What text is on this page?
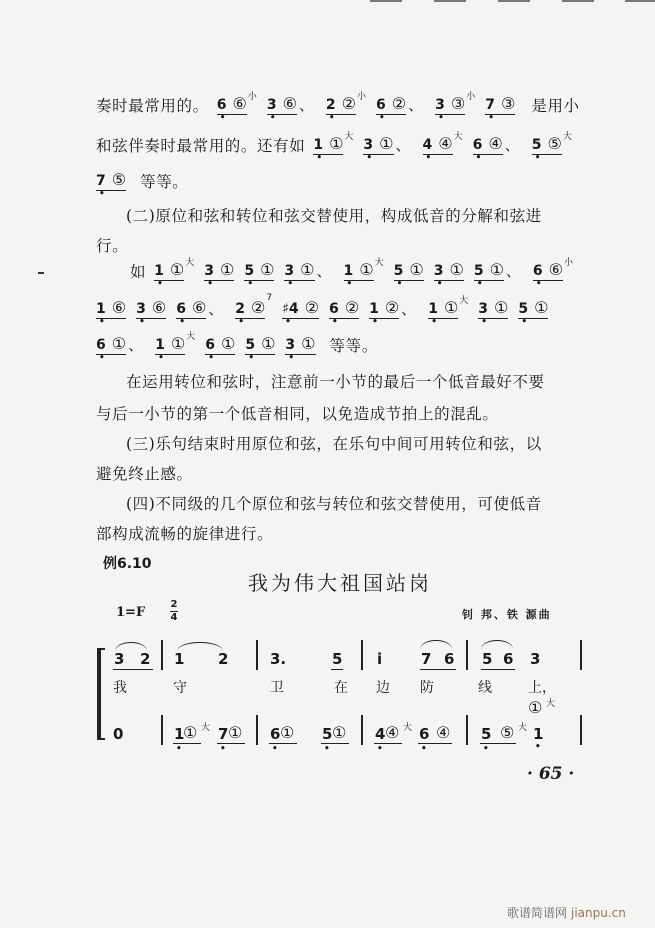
奏时最常用的。 6 ⑥
•
小 3 ⑥
•
、 2 ②
•
小 6 ②
•
、 3 ③
•
小 7 ③
•
是用小
和弦伴奏时最常用的。还有如 1 ①
•
大 3 ①
•
、 4 ④
•
大 6 ④
•
、 5 ⑤
•
大
7 ⑤
•
等等。
(二)原位和弦和转位和弦交替使用，构成低音的分解和弦进
行。
如 1 ①
•
大 3 ①
•
5 ①
•
3 ①
•
、 1 ①
•
大 5 ①
•
3 ①
•
5 ①
•
、 6 ⑥
•
小
1 ⑥
•
3 ⑥
•
6 ⑥
•
、 2 ②
•
7
♯4 ②
•
6 ②
•
1 ②
•
、 1 ①
•
大 3 ①
•
5 ①
•
6 ①
•
、 1 ①
•
大 6 ①
•
5 ①
•
3 ①
•
等等。
在运用转位和弦时，注意前一小节的最后一个低音最好不要
与后一小节的第一个低音相同，以免造成节拍上的混乱。
(三)乐句结束时用原位和弦，在乐句中间可用转位和弦，以
避免终止感。
(四)不同级的几个原位和弦与转位和弦交替使用，可使低音
部构成流畅的旋律进行。
例6.10
我为伟大祖国站岗
1=F
2
4	钊 邦、铁 源曲
3 2 1 2	3.	5 i	7 6 5 6 3
我	守	卫	在 边 防	线	上，
① 大
0	1
① 大
•
7 ①
•
6 ①
•
5 ①
•
4 ④ 大
•
6 ④
•
5 ⑤ 大
•
1
•
· 65 ·
歌谱简谱网 jianpu.cn
